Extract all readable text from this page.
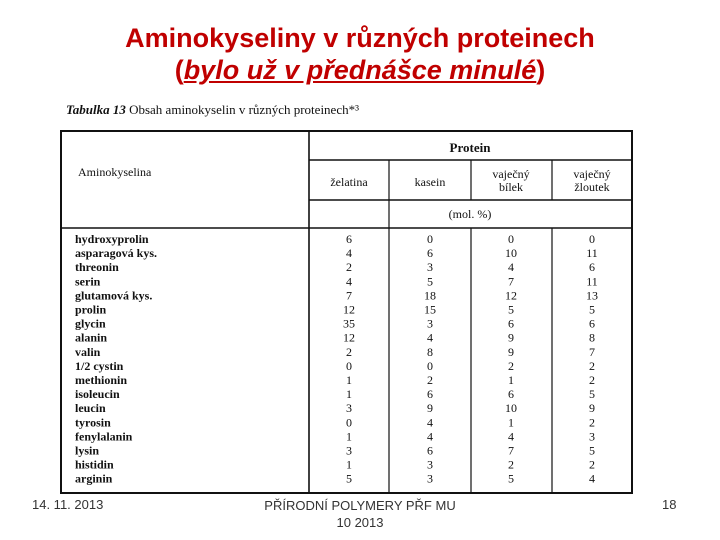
Aminokyseliny v různých proteinech
(bylo už v přednášce minulé)
Tabulka 13 Obsah aminokyselin v různých proteinech*³
Aminokyselina
Protein
želatina	kasein
vaječný
bílek
vaječný
žloutek
(mol. %)
hydroxyprolin	6	0	0	0
asparagová kys.	4	6	10	11
threonin	2	3	4	6
serin	4	5	7	11
glutamová kys.	7	18	12	13
prolin	12	15	5	5
glycin	35	3	6	6
alanin	12	4	9	8
valin	2	8	9	7
1/2 cystin	0	0	2	2
methionin	1	2	1	2
isoleucin	1	6	6	5
leucin	3	9	10	9
tyrosin	0	4	1	2
fenylalanin	1	4	4	3
lysin	3	6	7	5
histidin	1	3	2	2
arginin	5	3	5	4
14. 11. 2013	PŘÍRODNÍ POLYMERY PŘF MU
10 2013
18
